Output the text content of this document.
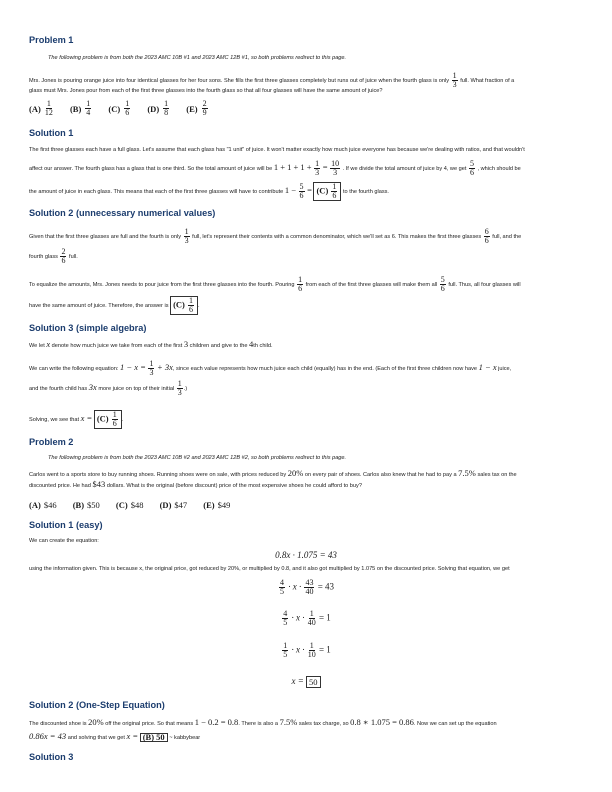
Problem 1

The following problem is from both the 2023 AMC 10B #1 and 2023 AMC 12B #1, so both problems redirect to this page.

Mrs. Jones is pouring orange juice into four identical glasses for her four sons. She fills the first three glasses completely but runs out of juice when the fourth glass is only $\frac{1}{3}$ full. What fraction of a

glass must Mrs. Jones pour from each of the first three glasses into the fourth glass so that all four glasses will have the same amount of juice?

$(A) \frac{1}{12}$
$(B) \frac{1}{4}$
$(C) \frac{1}{6}$
$(D) \frac{1}{8}$
$(E) \frac{2}{9}$
Solution 1

The first three glasses each have a full glass. Let's assume that each glass has "1 unit" of juice. It won't matter exactly how much juice everyone has because we're dealing with ratios, and that wouldn't

affect our answer. The fourth glass has a glass that is one third. So the total amount of juice will be $1 + 1 + 1 + \frac{1}{3} = \frac{10}{3}$ . If we divide the total amount of juice by 4, we get $\frac{5}{6}$ , which should be

the amount of juice in each glass. This means that each of the first three glasses will have to contribute $1 - \frac{5}{6} = (C) \frac{1}{6}$ to the fourth glass.

Solution 2 (unnecessary numerical values)

Given that the first three glasses are full and the fourth is only $\frac{1}{3}$ full, let's represent their contents with a common denominator, which we'll set as 6. This makes the first three glasses $\frac{6}{6}$ full, and the

fourth glass $\frac{2}{6}$ full.

To equalize the amounts, Mrs. Jones needs to pour juice from the first three glasses into the fourth. Pouring $\frac{1}{6}$ from each of the first three glasses will make them all $\frac{5}{6}$ full. Thus, all four glasses will

have the same amount of juice. Therefore, the answer is $(C) \frac{1}{6}$ .

Solution 3 (simple algebra)

We let x denote how much juice we take from each of the first 3 children and give to the 4th child.

We can write the following equation: $1 - x = \frac{1}{3} + 3x$, since each value represents how much juice each child (equally) has in the end. (Each of the first three children now have 1 − x juice,

and the fourth child has 3x more juice on top of their initial $\frac{1}{3}$ .)

Solving, we see that $x = (C) \frac{1}{6}$ .

Problem 2

The following problem is from both the 2023 AMC 10B #2 and 2023 AMC 12B #2, so both problems redirect to this page.

Carlos went to a sports store to buy running shoes. Running shoes were on sale, with prices reduced by 20% on every pair of shoes. Carlos also knew that he had to pay a 7.5% sales tax on the

discounted price. He had $43 dollars. What is the original (before discount) price of the most expensive shoes he could afford to buy?

(A) $46
(B) $50
(C) $48
(D) $47
(E) $49
Solution 1 (easy)

We can create the equation:

0.8x · 1.075 = 43

using the information given. This is because x, the original price, got reduced by 20%, or multiplied by 0.8, and it also got multiplied by 1.075 on the discounted price. Solving that equation, we get

$\frac{4}{5} \cdot x \cdot \frac{43}{40} = 43$
$\frac{4}{5} \cdot x \cdot \frac{1}{40} = 1$
$\frac{1}{5} \cdot x \cdot \frac{1}{10} = 1$
x = 50
Solution 2 (One-Step Equation)

The discounted shoe is 20% off the original price. So that means 1 − 0.2 = 0.8. There is also a 7.5% sales tax charge, so 0.8 ∗ 1.075 = 0.86. Now we can set up the equation

0.86x = 43 and solving that we get x = (B) 50 ~ kabbybear

Solution 3
